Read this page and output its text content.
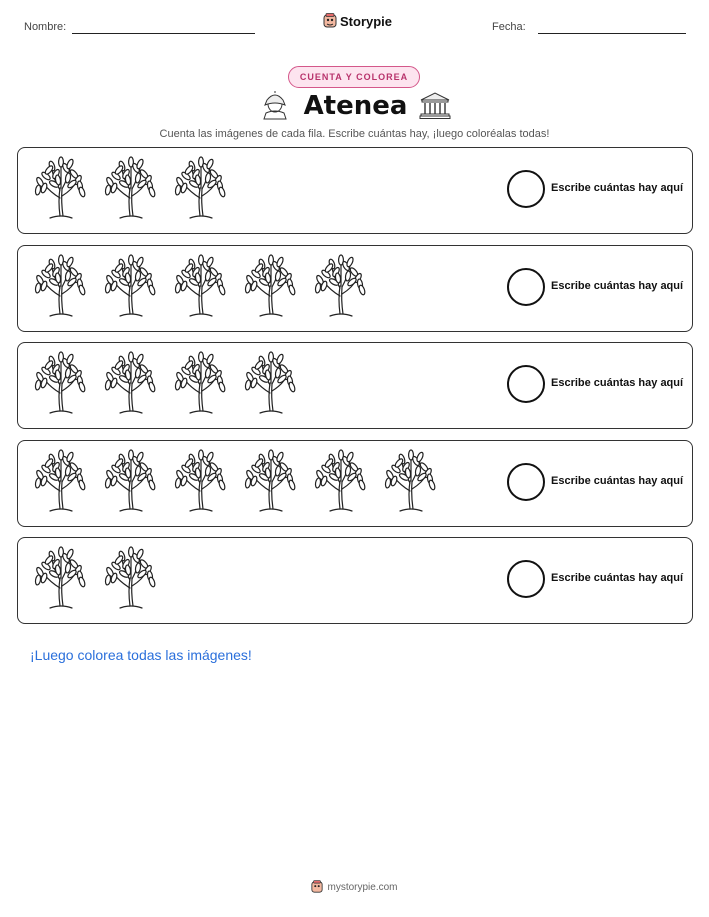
Nombre:	Storypie	Fecha:
CUENTA Y COLOREA
Atenea
Cuenta las imágenes de cada fila. Escribe cuántas hay, ¡luego coloréalas todas!
Escribe cuántas hay aquí
Escribe cuántas hay aquí
Escribe cuántas hay aquí
Escribe cuántas hay aquí
Escribe cuántas hay aquí
¡Luego colorea todas las imágenes!
mystorypie.com
